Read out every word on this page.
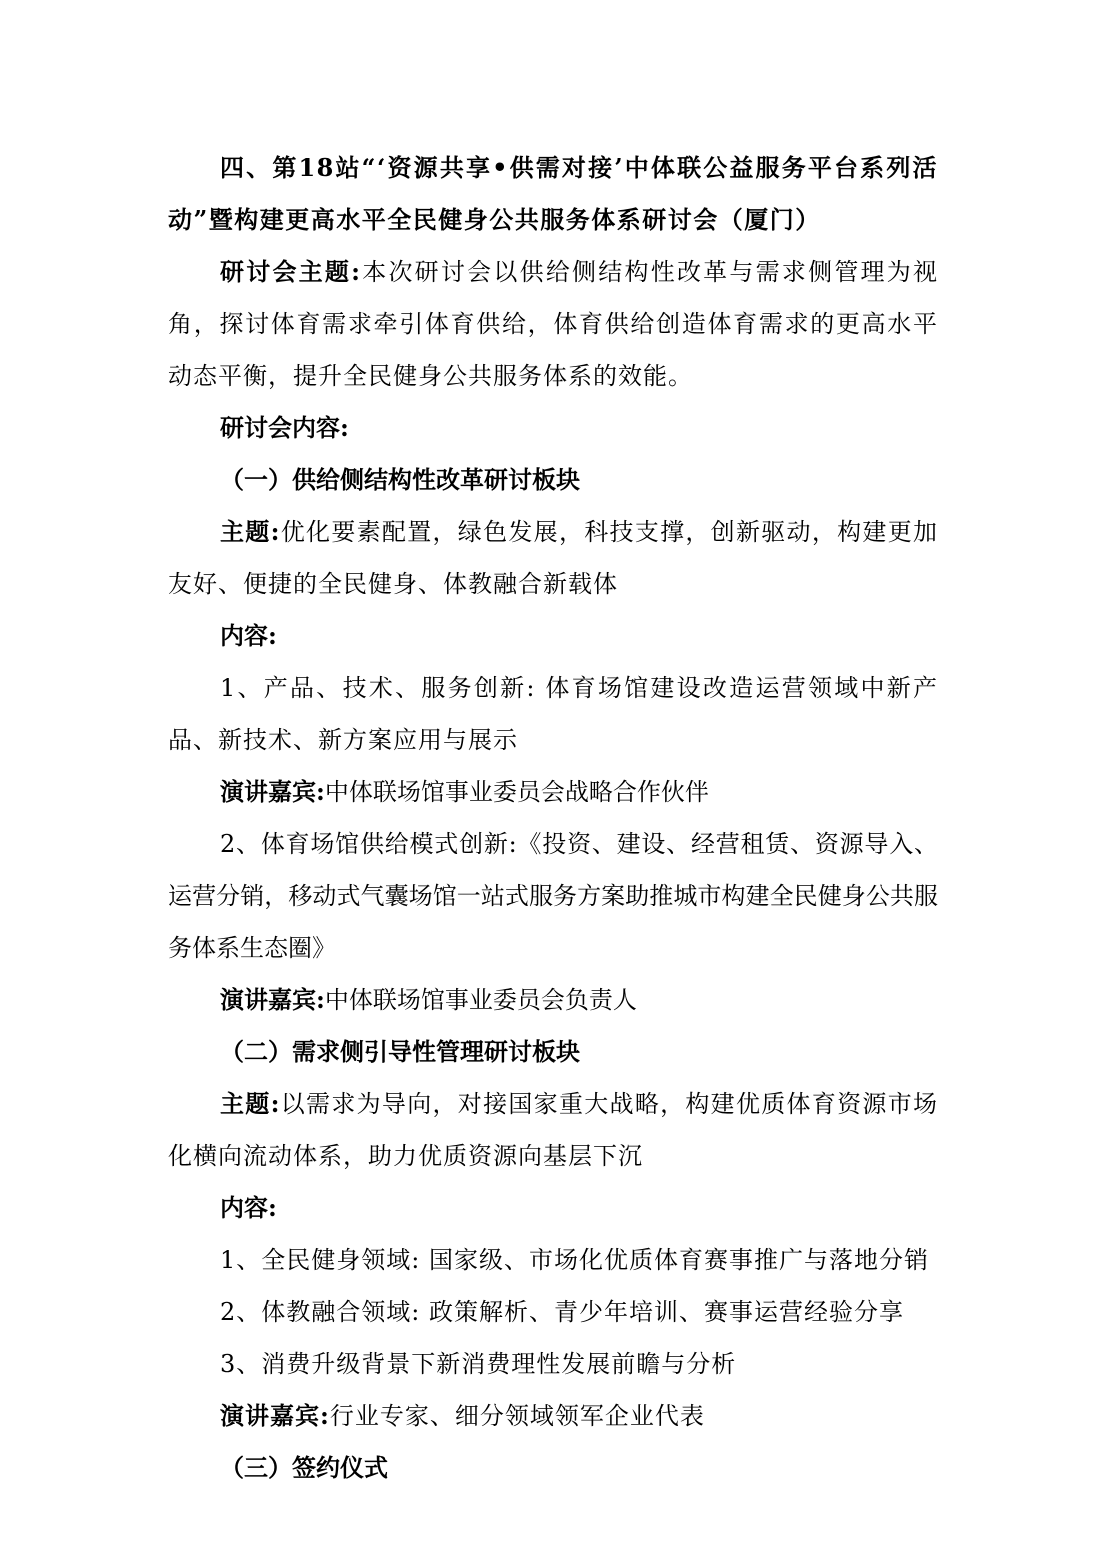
四、第18站“‘资源共享•供需对接’中体联公益服务平台系列活动”暨构建更高水平全民健身公共服务体系研讨会（厦门）

研讨会主题:本次研讨会以供给侧结构性改革与需求侧管理为视角，探讨体育需求牵引体育供给，体育供给创造体育需求的更高水平动态平衡，提升全民健身公共服务体系的效能。

研讨会内容:

（一）供给侧结构性改革研讨板块

主题:优化要素配置，绿色发展，科技支撑，创新驱动，构建更加友好、便捷的全民健身、体教融合新载体

内容:

1、产品、技术、服务创新: 体育场馆建设改造运营领域中新产品、新技术、新方案应用与展示

演讲嘉宾:中体联场馆事业委员会战略合作伙伴

2、体育场馆供给模式创新:《投资、建设、经营租赁、资源导入、运营分销，移动式气囊场馆一站式服务方案助推城市构建全民健身公共服务体系生态圈》

演讲嘉宾:中体联场馆事业委员会负责人

（二）需求侧引导性管理研讨板块

主题:以需求为导向，对接国家重大战略，构建优质体育资源市场化横向流动体系，助力优质资源向基层下沉

内容:

1、全民健身领域: 国家级、市场化优质体育赛事推广与落地分销

2、体教融合领域: 政策解析、青少年培训、赛事运营经验分享

3、消费升级背景下新消费理性发展前瞻与分析

演讲嘉宾:行业专家、细分领域领军企业代表

（三）签约仪式
